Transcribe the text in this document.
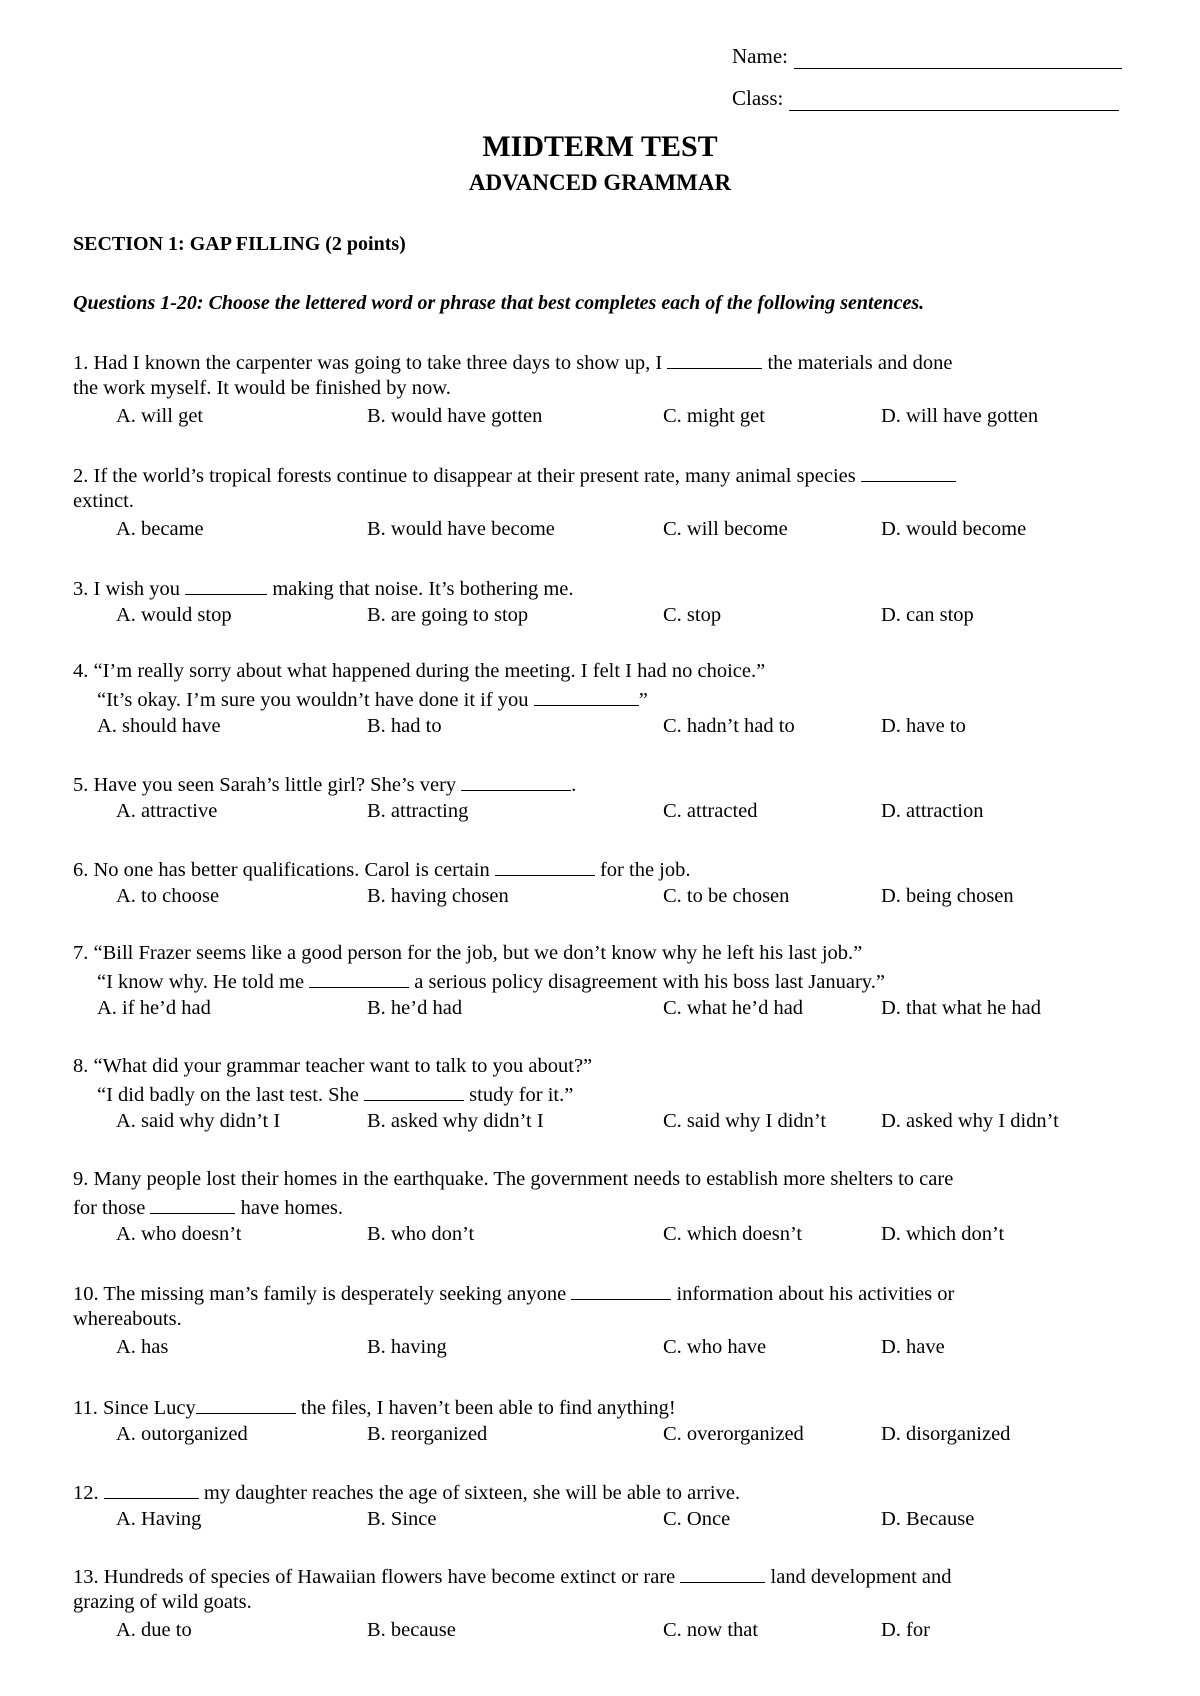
Name:
Class:
MIDTERM TEST
ADVANCED GRAMMAR
SECTION 1: GAP FILLING (2 points)
Questions 1-20: Choose the lettered word or phrase that best completes each of the following sentences.
1. Had I known the carpenter was going to take three days to show up, I	the materials and done
the work myself. It would be finished by now.
A. will get	B. would have gotten	C. might get	D. will have gotten
2. If the world’s tropical forests continue to disappear at their present rate, many animal species
extinct.
A. became	B. would have become	C. will become	D. would become
3. I wish you	making that noise. It’s bothering me.
A. would stop	B. are going to stop	C. stop	D. can stop
4. “I’m really sorry about what happened during the meeting. I felt I had no choice.”
“It’s okay. I’m sure you wouldn’t have done it if you	”
A. should have	B. had to	C. hadn’t had to	D. have to
5. Have you seen Sarah’s little girl? She’s very	.
A. attractive	B. attracting	C. attracted	D. attraction
6. No one has better qualifications. Carol is certain	for the job.
A. to choose	B. having chosen	C. to be chosen	D. being chosen
7. “Bill Frazer seems like a good person for the job, but we don’t know why he left his last job.”
“I know why. He told me	a serious policy disagreement with his boss last January.”
A. if he’d had	B. he’d had	C. what he’d had	D. that what he had
8. “What did your grammar teacher want to talk to you about?”
“I did badly on the last test. She	study for it.”
A. said why didn’t I	B. asked why didn’t I	C. said why I didn’t	D. asked why I didn’t
9. Many people lost their homes in the earthquake. The government needs to establish more shelters to care
for those	have homes.
A. who doesn’t	B. who don’t	C. which doesn’t	D. which don’t
10. The missing man’s family is desperately seeking anyone	information about his activities or
whereabouts.
A. has	B. having	C. who have	D. have
11. Since Lucy	the files, I haven’t been able to find anything!
A. outorganized	B. reorganized	C. overorganized	D. disorganized
12.	my daughter reaches the age of sixteen, she will be able to arrive.
A. Having	B. Since	C. Once	D. Because
13. Hundreds of species of Hawaiian flowers have become extinct or rare	land development and
grazing of wild goats.
A. due to	B. because	C. now that	D. for
